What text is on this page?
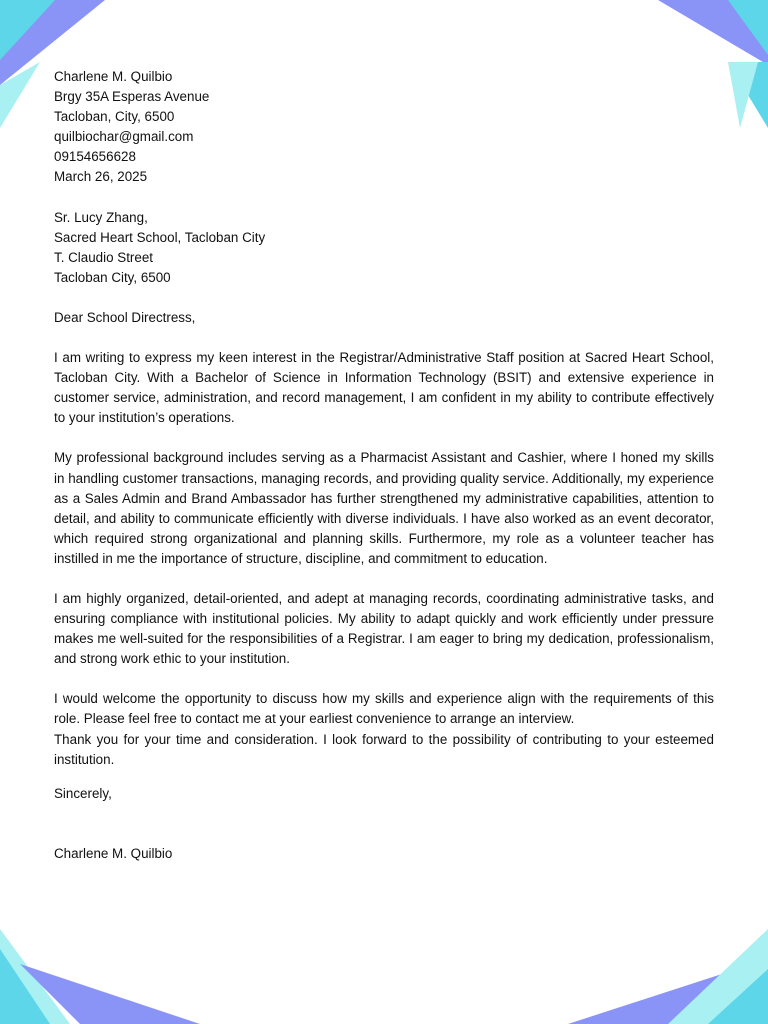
Charlene M. Quilbio
Brgy 35A Esperas Avenue
Tacloban, City, 6500
quilbiochar@gmail.com
09154656628
March 26, 2025
Sr. Lucy Zhang,
Sacred Heart School, Tacloban City
T. Claudio Street
Tacloban City, 6500

Dear School Directress,

I am writing to express my keen interest in the Registrar/Administrative Staff position at Sacred Heart School, Tacloban City. With a Bachelor of Science in Information Technology (BSIT) and extensive experience in customer service, administration, and record management, I am confident in my ability to contribute effectively to your institution’s operations.

My professional background includes serving as a Pharmacist Assistant and Cashier, where I honed my skills in handling customer transactions, managing records, and providing quality service. Additionally, my experience as a Sales Admin and Brand Ambassador has further strengthened my administrative capabilities, attention to detail, and ability to communicate efficiently with diverse individuals. I have also worked as an event decorator, which required strong organizational and planning skills. Furthermore, my role as a volunteer teacher has instilled in me the importance of structure, discipline, and commitment to education.

I am highly organized, detail-oriented, and adept at managing records, coordinating administrative tasks, and ensuring compliance with institutional policies. My ability to adapt quickly and work efficiently under pressure makes me well-suited for the responsibilities of a Registrar. I am eager to bring my dedication, professionalism, and strong work ethic to your institution.

I would welcome the opportunity to discuss how my skills and experience align with the requirements of this role. Please feel free to contact me at your earliest convenience to arrange an interview.

Thank you for your time and consideration. I look forward to the possibility of contributing to your esteemed institution.

Sincerely,

Charlene M. Quilbio
